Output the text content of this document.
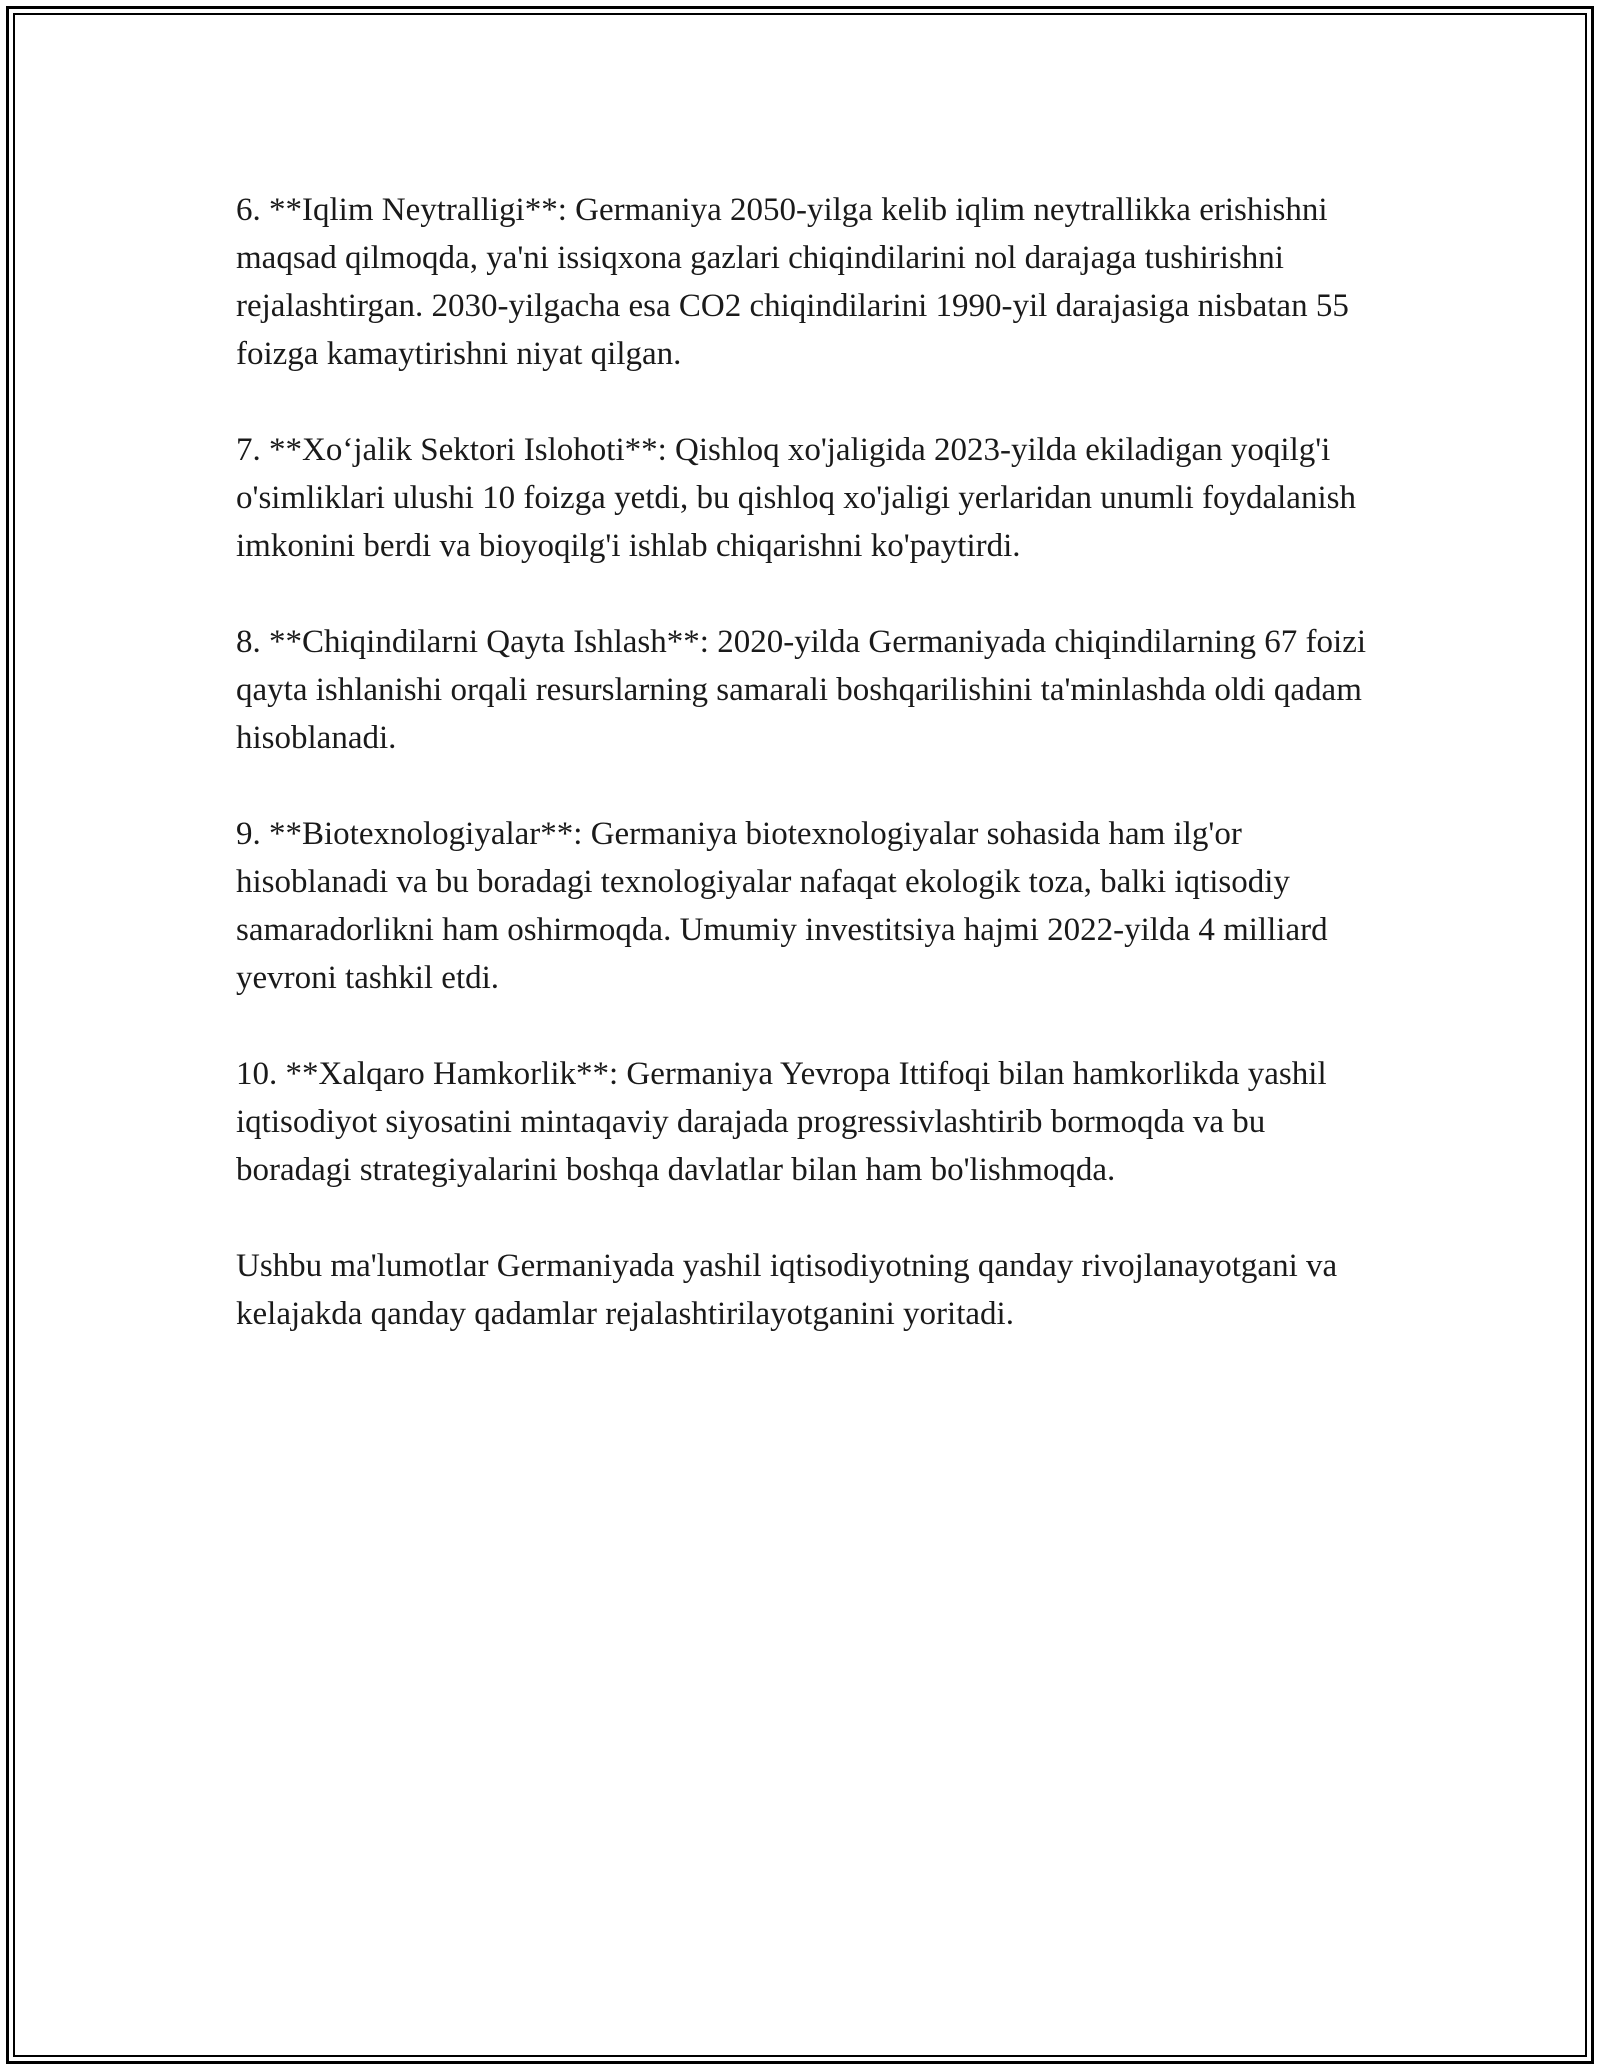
6. **Iqlim Neytralligi**: Germaniya 2050-yilga kelib iqlim neytrallikka erishishni maqsad qilmoqda, ya'ni issiqxona gazlari chiqindilarini nol darajaga tushirishni rejalashtirgan. 2030-yilgacha esa CO2 chiqindilarini 1990-yil darajasiga nisbatan 55 foizga kamaytirishni niyat qilgan.

7. **Xo‘jalik Sektori Islohoti**: Qishloq xo'jaligida 2023-yilda ekiladigan yoqilg'i o'simliklari ulushi 10 foizga yetdi, bu qishloq xo'jaligi yerlaridan unumli foydalanish imkonini berdi va bioyoqilg'i ishlab chiqarishni ko'paytirdi.

8. **Chiqindilarni Qayta Ishlash**: 2020-yilda Germaniyada chiqindilarning 67 foizi qayta ishlanishi orqali resurslarning samarali boshqarilishini ta'minlashda oldi qadam hisoblanadi.

9. **Biotexnologiyalar**: Germaniya biotexnologiyalar sohasida ham ilg'or hisoblanadi va bu boradagi texnologiyalar nafaqat ekologik toza, balki iqtisodiy samaradorlikni ham oshirmoqda. Umumiy investitsiya hajmi 2022-yilda 4 milliard yevroni tashkil etdi.

10. **Xalqaro Hamkorlik**: Germaniya Yevropa Ittifoqi bilan hamkorlikda yashil iqtisodiyot siyosatini mintaqaviy darajada progressivlashtirib bormoqda va bu boradagi strategiyalarini boshqa davlatlar bilan ham bo'lishmoqda.

Ushbu ma'lumotlar Germaniyada yashil iqtisodiyotning qanday rivojlanayotgani va kelajakda qanday qadamlar rejalashtirilayotganini yoritadi.
